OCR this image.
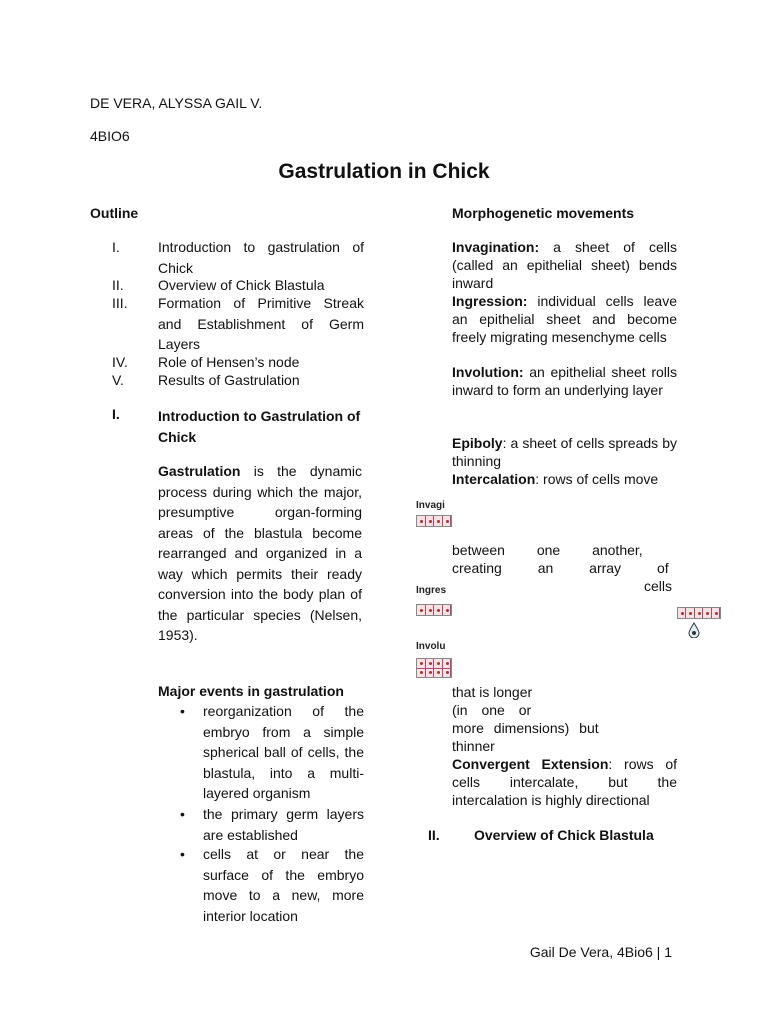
DE VERA, ALYSSA GAIL V.
4BIO6
Gastrulation in Chick
Outline
I.	Introduction to gastrulation of Chick
II. Overview of Chick Blastula
III. Formation of Primitive Streak and Establishment of Germ Layers
IV. Role of Hensen’s node
V. Results of Gastrulation
I.	Introduction to Gastrulation of Chick
Gastrulation is the dynamic process during which the major, presumptive organ-forming areas of the blastula become rearranged and organized in a way which permits their ready conversion into the body plan of the particular species (Nelsen, 1953).
Major events in gastrulation
• reorganization of the embryo from a simple spherical ball of cells, the blastula, into a multi-layered organism
• the primary germ layers are established
• cells at or near the surface of the embryo move to a new, more interior location
Morphogenetic movements
Invagination: a sheet of cells (called an epithelial sheet) bends inward
Ingression: individual cells leave an epithelial sheet and become freely migrating mesenchyme cells
Involution: an epithelial sheet rolls inward to form an underlying layer
Epiboly: a sheet of cells spreads by thinning
Intercalation: rows of cells move
Invagi
Ingres
Involu
between one another,
creating an array of
cells
that is longer
(in one or
more dimensions) but
thinner
Convergent Extension: rows of cells intercalate, but the intercalation is highly directional
II. Overview of Chick Blastula
Gail De Vera, 4Bio6 | 1
